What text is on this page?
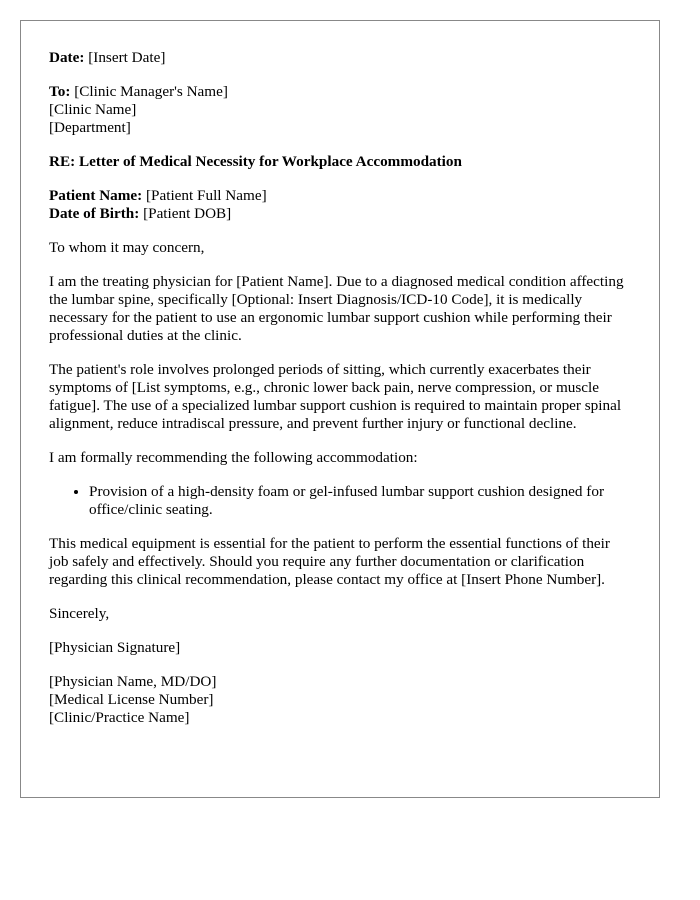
Date: [Insert Date]

To: [Clinic Manager's Name]
[Clinic Name]
[Department]

RE: Letter of Medical Necessity for Workplace Accommodation

Patient Name: [Patient Full Name]
Date of Birth: [Patient DOB]

To whom it may concern,

I am the treating physician for [Patient Name]. Due to a diagnosed medical condition affecting the lumbar spine, specifically [Optional: Insert Diagnosis/ICD-10 Code], it is medically necessary for the patient to use an ergonomic lumbar support cushion while performing their professional duties at the clinic.

The patient's role involves prolonged periods of sitting, which currently exacerbates their symptoms of [List symptoms, e.g., chronic lower back pain, nerve compression, or muscle fatigue]. The use of a specialized lumbar support cushion is required to maintain proper spinal alignment, reduce intradiscal pressure, and prevent further injury or functional decline.

I am formally recommending the following accommodation:

• Provision of a high-density foam or gel-infused lumbar support cushion designed for office/clinic seating.

This medical equipment is essential for the patient to perform the essential functions of their job safely and effectively. Should you require any further documentation or clarification regarding this clinical recommendation, please contact my office at [Insert Phone Number].

Sincerely,

[Physician Signature]

[Physician Name, MD/DO]
[Medical License Number]
[Clinic/Practice Name]
